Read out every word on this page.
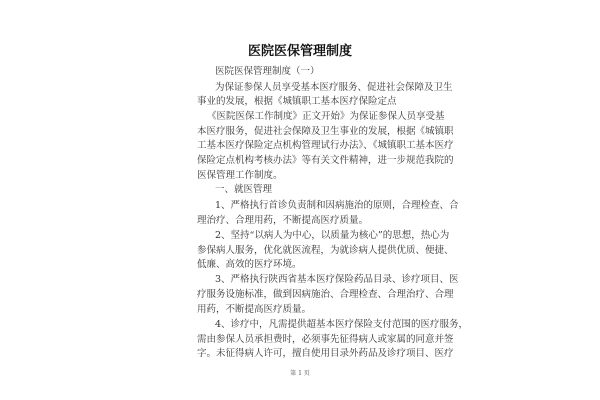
医院医保管理制度
医院医保管理制度（一）
为保证参保人员享受基本医疗服务、促进社会保障及卫生
事业的发展，根据《城镇职工基本医疗保险定点
《医院医保工作制度》正文开始》为保证参保人员享受基
本医疗服务，促进社会保障及卫生事业的发展，根据《城镇职
工基本医疗保险定点机构管理试行办法》、《城镇职工基本医疗
保险定点机构考核办法》等有关文件精神，进一步规范我院的
医保管理工作制度。
一、就医管理
1、严格执行首诊负责制和因病施治的原则，合理检查、合
理治疗、合理用药，不断提高医疗质量。
2、坚持“以病人为中心，以质量为核心”的思想，热心为
参保病人服务，优化就医流程，为就诊病人提供优质、便捷、
低廉、高效的医疗环境。
3、严格执行陕西省基本医疗保险药品目录、诊疗项目、医
疗服务设施标准，做到因病施治、合理检查、合理治疗、合理
用药，不断提高医疗质量。
4、诊疗中，凡需提供超基本医疗保险支付范围的医疗服务，
需由参保人员承担费时，必须事先征得病人或家属的同意并签
字。未征得病人许可，擅自使用目录外药品及诊疗项目、医疗
第 1 页
